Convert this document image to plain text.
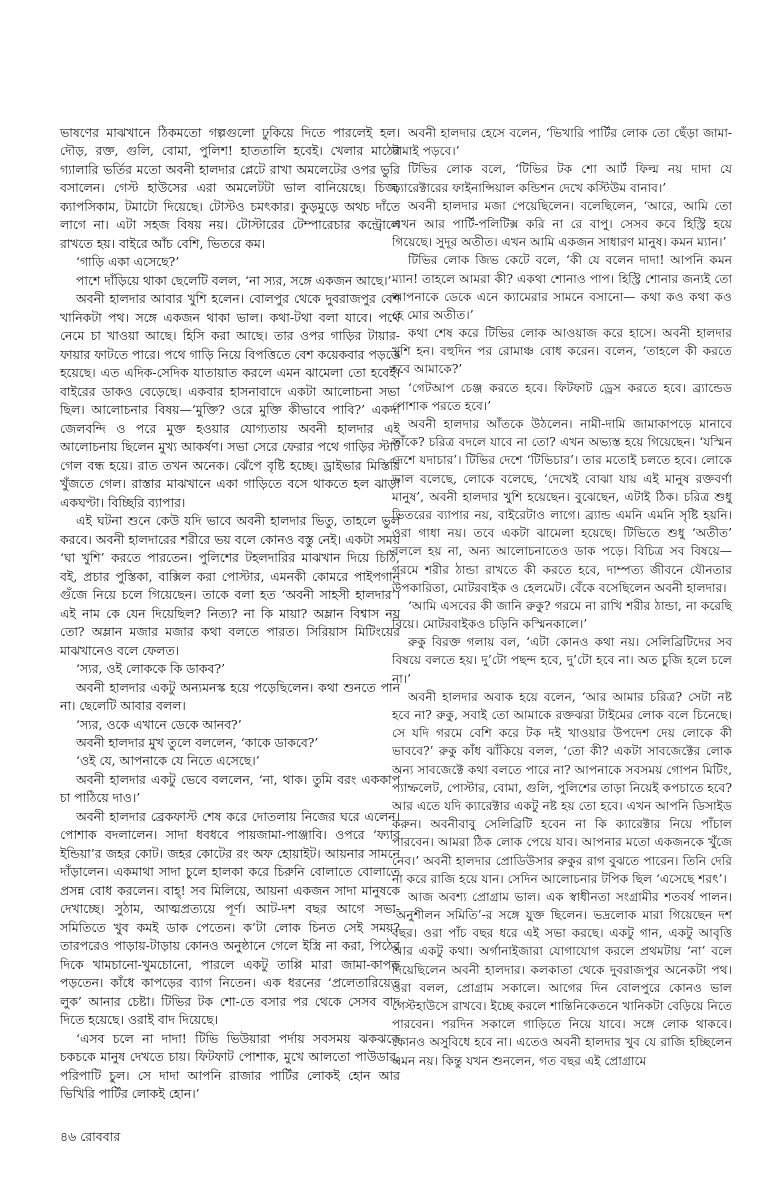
ভাষণের মাঝখানে ঠিকমতো গল্পগুলো ঢুকিয়ে দিতে পারলেই হল। দৌড়, রক্ত, গুলি, বোমা, পুলিশ! হাততালি হবেই। খেলার মাঠের গ্যালারি ভর্তির মতো অবনী হালদার প্লেটে রাখা অমলেটের ওপর ভুরি বসালেন। গেস্ট হাউসের এরা অমলেটটা ভাল বানিয়েছে। চিজ, ক্যাপসিকাম, টমাটো দিয়েছে। টোস্টও চমৎকার। কুড়মুড়ে অথচ দাঁতে লাগে না। এটা সহজ বিষয় নয়। টোস্টারের টেম্পারেচার কন্ট্রোলে রাখতে হয়। বাইরে আঁচ বেশি, ভিতরে কম।

‘গাড়ি একা এসেছে?’

পাশে দাঁড়িয়ে থাকা ছেলেটি বলল, ‘না স্যর, সঙ্গে একজন আছে।’

অবনী হালদার আবার খুশি হলেন। বোলপুর থেকে দুবরাজপুর বেশ খানিকটা পথ। সঙ্গে একজন থাকা ভাল। কথা-টথা বলা যাবে। পথে নেমে চা খাওয়া আছে। হিসি করা আছে। তার ওপর গাড়ির টায়ার-ফায়ার ফাটতে পারে। পথে গাড়ি নিয়ে বিপত্তিতে বেশ কয়েকবার পড়তে হয়েছে। এত এদিক-সেদিক যাতায়াত করলে এমন ঝামেলা তো হবেই। বাইরের ডাকও বেড়েছে। একবার হাসনাবাদে একটা আলোচনা সভা ছিল। আলোচনার বিষয়—‘মুক্তি? ওরে মুক্তি কীভাবে পাবি?’ একদা জেলবন্দি ও পরে মুক্ত হওয়ার যোগ্যতায় অবনী হালদার এই আলোচনায় ছিলেন মুখ্য আকর্ষণ। সভা সেরে ফেরার পথে গাড়ির স্টার্ট গেল বন্ধ হয়ে। রাত তখন অনেক। ঝেঁপে বৃষ্টি হচ্ছে। ড্রাইভার মিস্তিরি খুঁজতে গেল। রাস্তার মাঝখানে একা গাড়িতে বসে থাকতে হল ঝাড়া একঘণ্টা। বিচ্ছিরি ব্যাপার।

এই ঘটনা শুনে কেউ যদি ভাবে অবনী হালদার ভিতু, তাহলে ভুল করবে। অবনী হালদারের শরীরে ভয় বলে কোনও বস্তু নেই। একটা সময় ‘ঘা খুশি’ করতে পারতেন। পুলিশের টহলদারির মাঝখান দিয়ে চিঠি, বই, প্রচার পুস্তিকা, বাক্সিল করা পোস্টার, এমনকী কোমরে পাইপগান গুঁজে নিয়ে চলে গিয়েছেন। তাকে বলা হত ‘অবনী সাহসী হালদার’। এই নাম কে যেন দিয়েছিল? নিত্য? না কি মায়া? অম্লান বিশ্বাস নয় তো? অম্লান মজার মজার কথা বলতে পারত। সিরিয়াস মিটিংয়ের মাঝখানেও বলে ফেলত।

‘স্যর, ওই লোককে কি ডাকব?’

অবনী হালদার একটু অন্যমনস্ক হয়ে পড়েছিলেন। কথা শুনতে পান না। ছেলেটি আবার বলল।

‘স্যর, ওকে এখানে ডেকে আনব?’

অবনী হালদার মুখ তুলে বললেন, ‘কাকে ডাকবে?’

‘ওই যে, আপনাকে যে নিতে এসেছে।’

অবনী হালদার একটু ভেবে বললেন, ‘না, থাক। তুমি বরং এককাপ চা পাঠিয়ে দাও।’

অবনী হালদার ব্রেকফাস্ট শেষ করে দোতলায় নিজের ঘরে এলেন। পোশাক বদলালেন। সাদা ধবধবে পায়জামা-পাঞ্জাবি। ওপরে ‘ফ্যাব ইন্ডিয়া’র জহর কোট। জহর কোটের রং অফ হোয়াইট। আয়নার সামনে দাঁড়ালেন। একমাথা সাদা চুলে হালকা করে চিরুনি বোলাতে বোলাতে প্রসন্ন বোধ করলেন। বাহ্‌! সব মিলিয়ে, আয়না একজন সাদা মানুষকে দেখাচ্ছে। সুঠাম, আত্মপ্রত্যয়ে পূর্ণ। আট-দশ বছর আগে সভা-সমিতিতে খুব কমই ডাক পেতেন। ক’টা লোক চিনত সেই সময়? তারপরেও পাড়ায়-টাড়ায় কোনও অনুষ্ঠানে গেলে ইস্ত্রি না করা, পিঠের দিকে খামচানো-খুমচোনো, পারলে একটু তাপ্পি মারা জামা-কাপড় পড়তেন। কাঁধে কাপড়ের ব্যাগ নিতেন। এক ধরনের ‘প্রলেতারিয়েত লুক’ আনার চেষ্টা। টিভির টক শো-তে বসার পর থেকে সেসব বাদ দিতে হয়েছে। ওরাই বাদ দিয়েছে।

‘এসব চলে না দাদা! টিভি ভিউয়ারা পর্দায় সবসময় ঝকঝকে চকচকে মানুষ দেখতে চায়। ফিটফাট পোশাক, মুখে আলতো পাউডার, পরিপাটি চুল। সে দাদা আপনি রাজার পার্টির লোকই হোন আর ভিখিরি পার্টির লোকই হোন।’

অবনী হালদার হেসে বলেন, ‘ভিখারি পার্টির লোক তো ছেঁড়া জামা-টামাই পড়বে।’

টিভির লোক বলে, ‘টিভির টক শো আর্ট ফিল্ম নয় দাদা যে ক্যারেক্টারের ফাইনান্সিয়াল কন্ডিশন দেখে কস্টিউম বানাব।’

অবনী হালদার মজা পেয়েছিলেন। বলেছিলেন, ‘আরে, আমি তো এখন আর পার্টি-পলিটিক্স করি না রে বাপু। সেসব কবে হিস্ট্রি হয়ে গিয়েছে। সুদূর অতীত। এখন আমি একজন সাধারণ মানুষ। কমন ম্যান।’

টিভির লোক জিভ কেটে বলে, ‘কী যে বলেন দাদা! আপনি কমন ম্যান! তাহলে আমরা কী? একথা শোনাও পাপ। হিস্ট্রি শোনার জন্যই তো আপনাকে ডেকে এনে ক্যামেরার সামনে বসানো— কথা কও কথা কও হে মোর অতীত।’

কথা শেষ করে টিভির লোক আওয়াজ করে হাসে। অবনী হালদার খুশি হন। বহুদিন পর রোমাঞ্চ বোধ করেন। বলেন, ‘তাহলে কী করতে হবে আমাকে?’

‘গেটআপ চেঞ্জ করতে হবে। ফিটফাট ড্রেস করতে হবে। ব্র্যান্ডেড পোশাক পরতে হবে।’

অবনী হালদার আঁতকে উঠলেন। নামী-দামি জামাকাপড়ে মানাবে তাঁকে? চরিত্র বদলে যাবে না তো? এখন অভ্যস্ত হয়ে গিয়েছেন। ‘যস্মিন দেশে যদাচার’। টিভির দেশে ‘টিভিচার’। তার মতোই চলতে হবে। লোকে ভাল বলেছে, লোকে বলেছে, ‘দেখেই বোঝা যায় এই মানুষ রক্তবর্ণা মানুষ’, অবনী হালদার খুশি হয়েছেন। বুঝেছেন, এটাই ঠিক। চরিত্র শুধু ভিতরের ব্যাপার নয়, বাইরেটাও লাগে। ব্র্যান্ড এমনি এমনি সৃষ্টি হয়নি। ওরা গাধা নয়। তবে একটা ঝামেলা হয়েছে। টিভিতে শুধু ‘অতীত’ বললে হয় না, অন্য আলোচনাতেও ডাক পড়ে। বিচিত্র সব বিষয়ে— গরমে শরীর ঠান্ডা রাখতে কী করতে হবে, দাম্পত্য জীবনে যৌনতার উপকারিতা, মোটরবাইক ও হেলমেট। বেঁকে বসেছিলেন অবনী হালদার।

‘আমি এসবের কী জানি রুকু? গরমে না রাখি শরীর ঠান্ডা, না করেছি বিয়ে। মোটরবাইকও চড়িনি কস্মিনকালে।’

রুকু বিরক্ত গলায় বল, ‘এটা কোনও কথা নয়। সেলিব্রিটিদের সব বিষয়ে বলতে হয়। দু’টো পছন্দ হবে, দু’টো হবে না। অত চুজি হলে চলে না।’

অবনী হালদার অবাক হয়ে বলেন, ‘আর আমার চরিত্র? সেটা নষ্ট হবে না? রুকু, সবাই তো আমাকে রক্তঝরা টাইমের লোক বলে চিনেছে। সে যদি গরমে বেশি করে টক দই খাওয়ার উপদেশ দেয় লোকে কী ভাববে?’ রুকু কাঁধ ঝাঁকিয়ে বলল, ‘তো কী? একটা সাবজেক্টের লোক অন্য সাবজেক্টে কথা বলতে পারে না? আপনাকে সবসময় গোপন মিটিং, প্যাম্ফলেট, পোস্টার, বোমা, গুলি, পুলিশের তাড়া নিয়েই কপচাতে হবে? আর এতে যদি ক্যারেক্টার একটু নষ্ট হয় তো হবে। এখন আপনি ডিসাইড করুন। অবনীবাবু সেলিব্রিটি হবেন না কি ক্যারেক্টার নিয়ে পাঁচাল পারবেন। আমরা ঠিক লোক পেয়ে যাব। আপনার মতো একজনকে খুঁজে নেব।’ অবনী হালদার প্রোডিউসার রুকুর রাগ বুঝতে পারেন। তিনি দেরি না করে রাজি হয়ে যান। সেদিন আলোচনার টপিক ছিল ‘এসেছে শরৎ’।

আজ অবশ্য প্রোগ্রাম ভাল। এক স্বাধীনতা সংগ্রামীর শতবর্ষ পালন। ‘অনুশীলন সমিতি’-র সঙ্গে যুক্ত ছিলেন। ভদ্রলোক মারা গিয়েছেন দশ বছর। ওরা পাঁচ বছর ধরে এই সভা করছে। একটু গান, একটু আবৃত্তি আর একটু কথা। অর্গানাইজারা যোগাযোগ করলে প্রথমটায় ‘না’ বলে দিয়েছিলেন অবনী হালদার। কলকাতা থেকে দুবরাজপুর অনেকটা পথ। ওরা বলল, প্রোগ্রাম সকালে। আগের দিন বোলপুরে কোনও ভাল গেস্টহাউসে রাখবে। ইচ্ছে করলে শান্তিনিকেতনে খানিকটা বেড়িয়ে নিতে পারবেন। পরদিন সকালে গাড়িতে নিয়ে যাবে। সঙ্গে লোক থাকবে। কোনও অসুবিধে হবে না। এতেও অবনী হালদার খুব যে রাজি হচ্ছিলেন এমন নয়। কিন্তু যখন শুনলেন, গত বছর এই প্রোগ্রামে

৪৬ রোববার
